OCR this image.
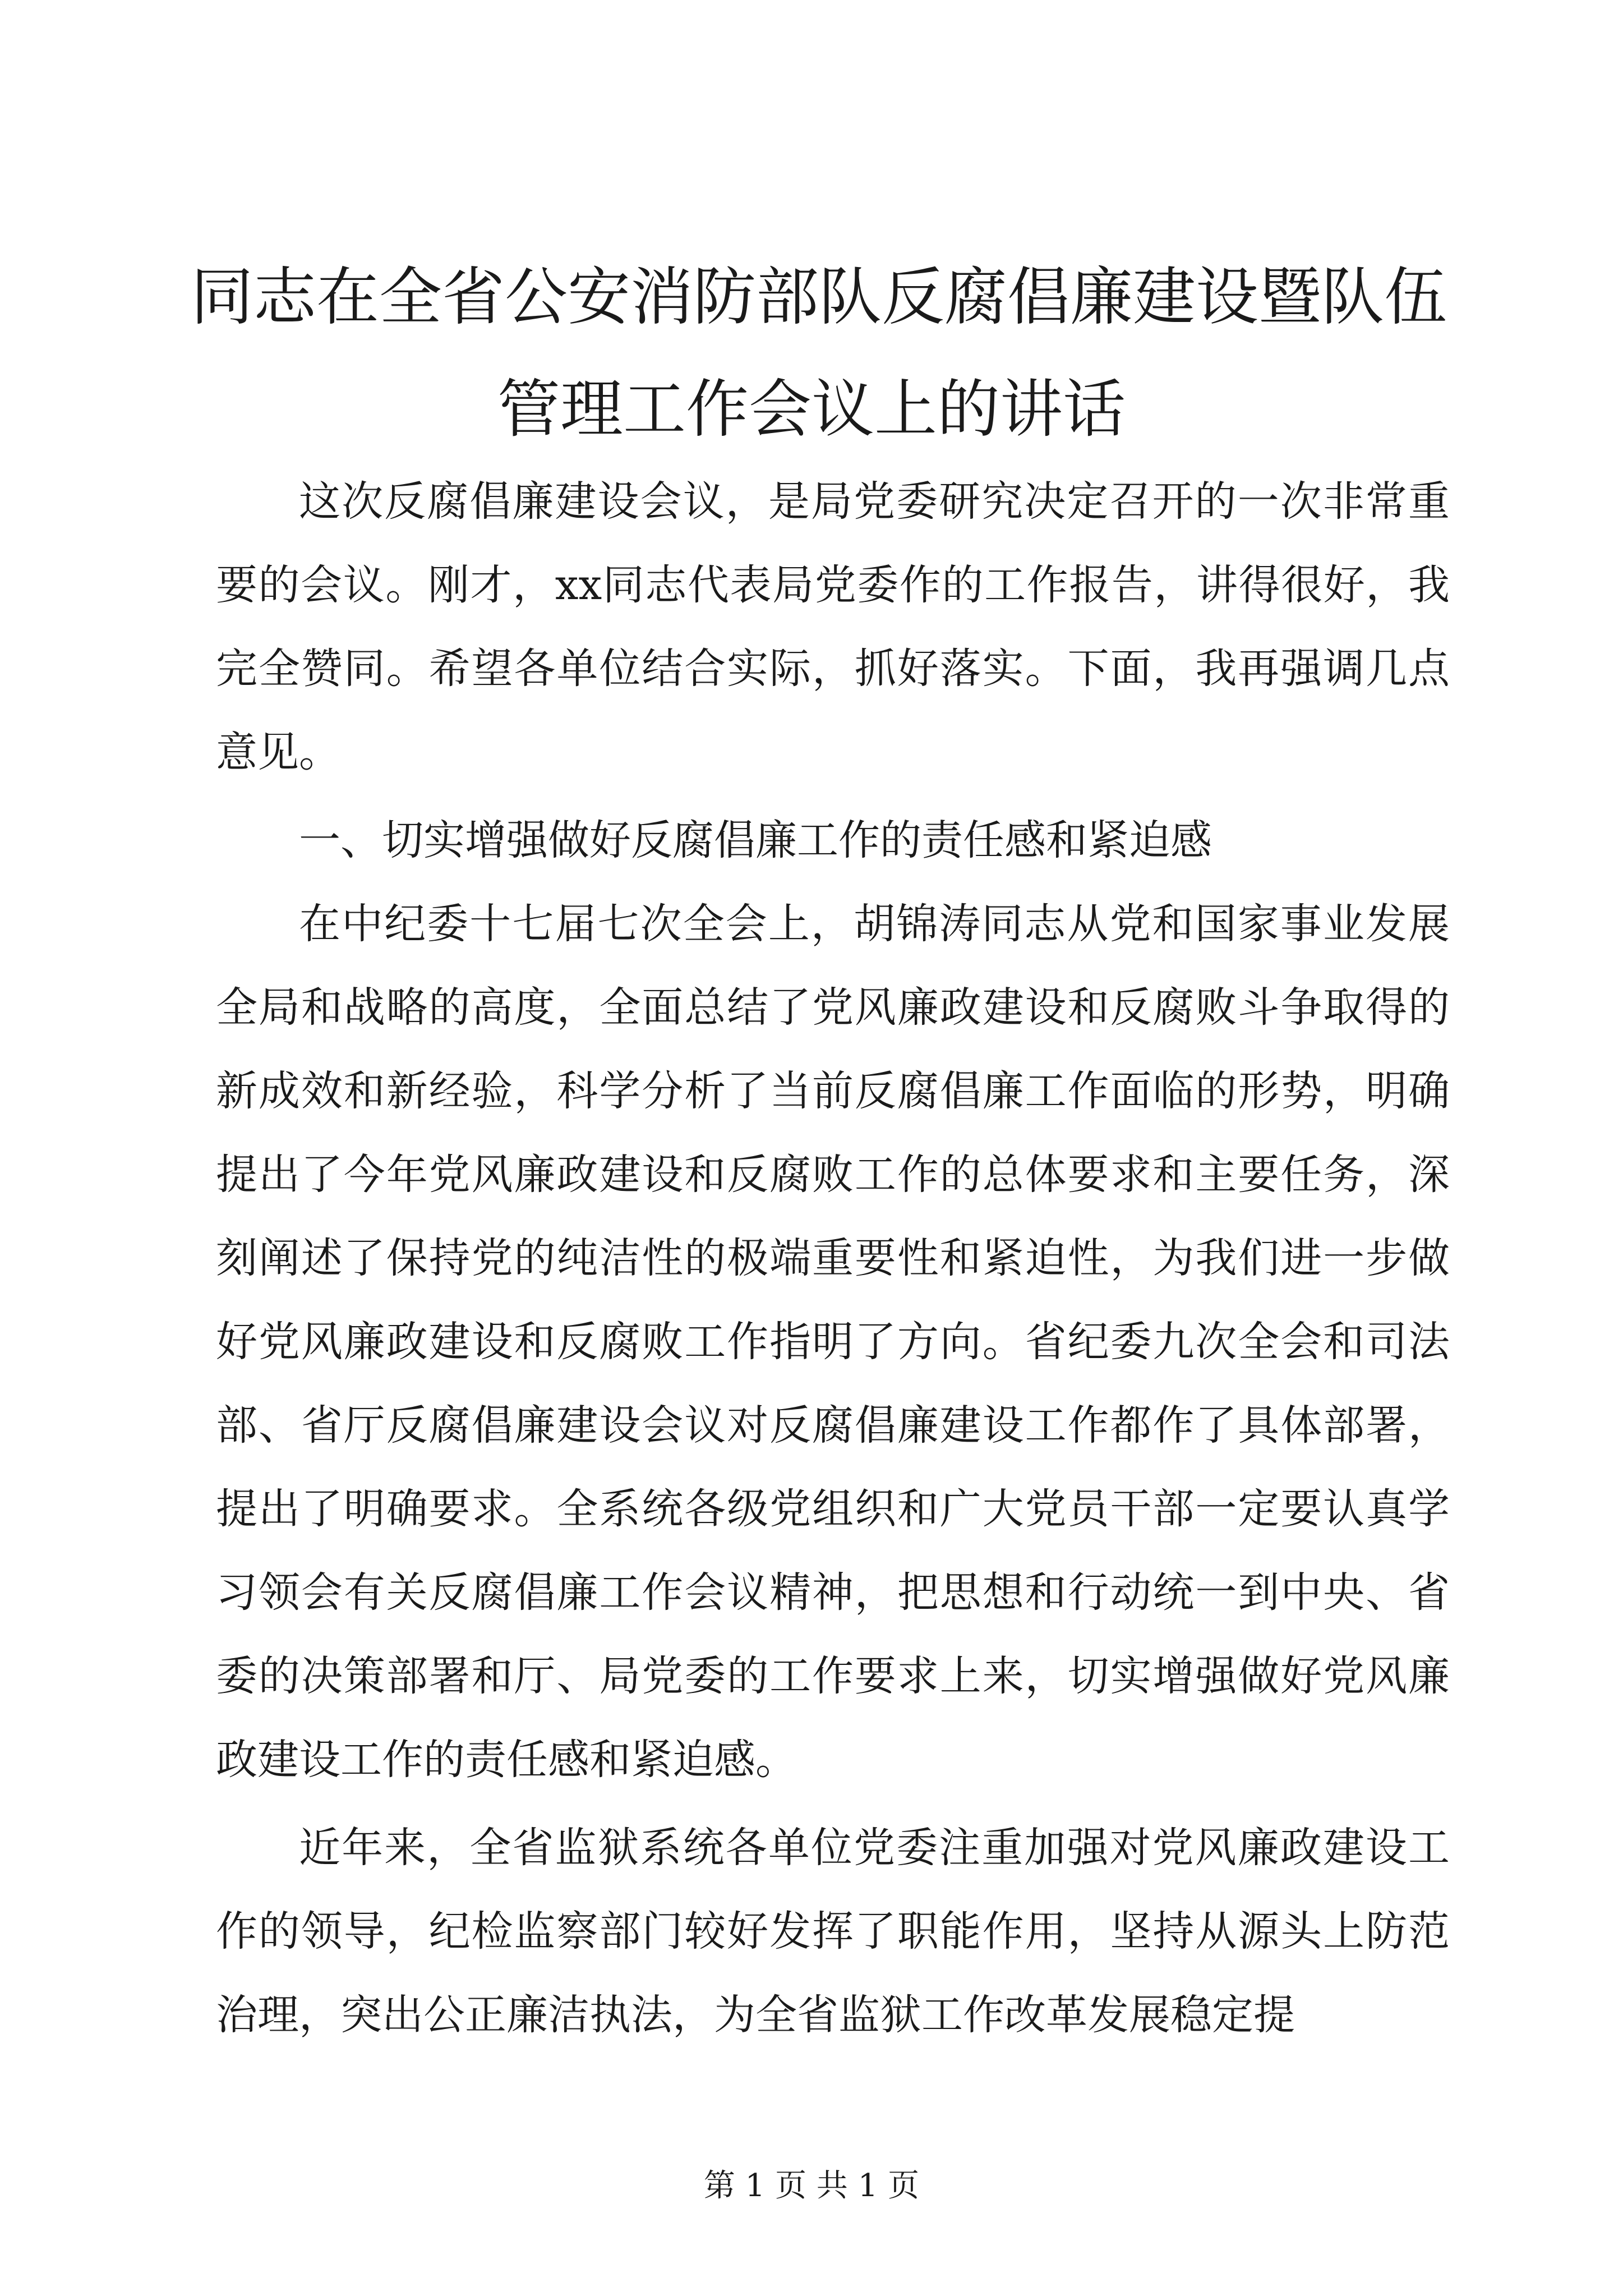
同志在全省公安消防部队反腐倡廉建设暨队伍
管理工作会议上的讲话

这次反腐倡廉建设会议，是局党委研究决定召开的一次非常重要的会议。刚才，xx同志代表局党委作的工作报告，讲得很好，我完全赞同。希望各单位结合实际，抓好落实。下面，我再强调几点意见。

一、切实增强做好反腐倡廉工作的责任感和紧迫感

在中纪委十七届七次全会上，胡锦涛同志从党和国家事业发展全局和战略的高度，全面总结了党风廉政建设和反腐败斗争取得的新成效和新经验，科学分析了当前反腐倡廉工作面临的形势，明确提出了今年党风廉政建设和反腐败工作的总体要求和主要任务，深刻阐述了保持党的纯洁性的极端重要性和紧迫性，为我们进一步做好党风廉政建设和反腐败工作指明了方向。省纪委九次全会和司法部、省厅反腐倡廉建设会议对反腐倡廉建设工作都作了具体部署，提出了明确要求。全系统各级党组织和广大党员干部一定要认真学习领会有关反腐倡廉工作会议精神，把思想和行动统一到中央、省委的决策部署和厅、局党委的工作要求上来，切实增强做好党风廉政建设工作的责任感和紧迫感。

近年来，全省监狱系统各单位党委注重加强对党风廉政建设工作的领导，纪检监察部门较好发挥了职能作用，坚持从源头上防范治理，突出公正廉洁执法，为全省监狱工作改革发展稳定提

第 1 页 共 1 页
